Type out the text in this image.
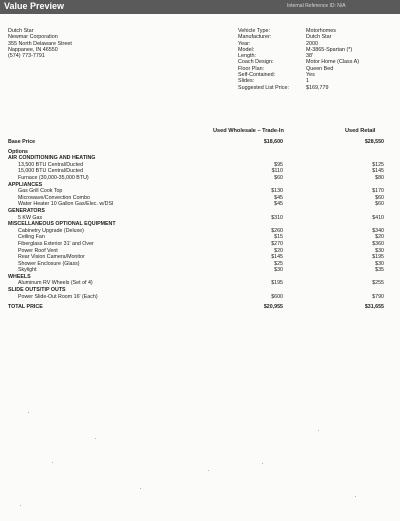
Value Preview	Internal Reference ID: N/A
Dutch Star
Newmar Corporation
355 North Delaware Street
Nappanee, IN 46550
(574) 773-7791
Vehicle Type:	Motorhomes
Manufacturer:	Dutch Star
Year:	2000
Model:	M-3865-Spartan (*)
Length:	38'
Coach Design:	Motor Home (Class A)
Floor Plan:	Queen Bed
Self-Contained:	Yes
Slides:	1
Suggested List Price:	$169,779
Used Wholesale – Trade-In	Used Retail
Base Price	$18,600	$28,550
Options
AIR CONDITIONING AND HEATING
13,500 BTU Central/Ducted	$95	$125
15,000 BTU Central/Ducted	$110	$145
Furnace (30,000-35,000 BTU)	$60	$80
APPLIANCES
Gas Grill Cook Top	$130	$170
Microwave/Convection Combo	$45	$60
Water Heater 10 Gallon Gas/Elec. w/DSI	$45	$60
GENERATORS
5 KW Gas	$310	$410
MISCELLANEOUS OPTIONAL EQUIPMENT
Cabinetry Upgrade (Deluxe)	$260	$340
Ceiling Fan	$15	$20
Fiberglass Exterior 31' and Over	$270	$360
Power Roof Vent	$20	$30
Rear Vision Camera/Monitor	$145	$195
Shower Enclosure (Glass)	$25	$30
Skylight	$30	$35
WHEELS
Aluminum RV Wheels (Set of 4)	$195	$255
SLIDE OUTS/TIP OUTS
Power Slide-Out Room 16' (Each)	$600	$790
TOTAL PRICE	$20,955	$31,655
